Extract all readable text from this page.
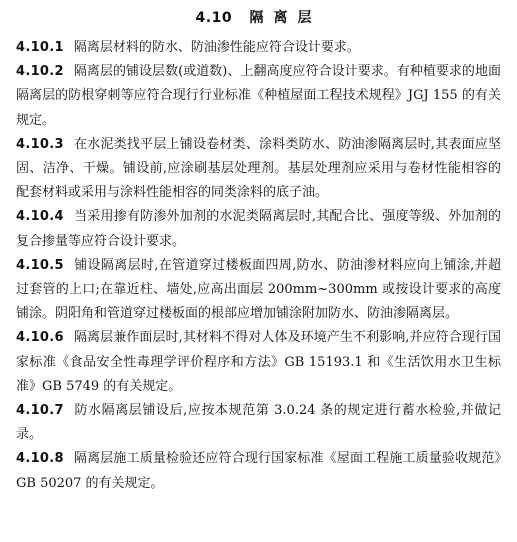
4.10 隔离层

4.10.1 隔离层材料的防水、防油渗性能应符合设计要求。

4.10.2 隔离层的铺设层数(或道数)、上翻高度应符合设计要求。有种植要求的地面隔离层的防根穿刺等应符合现行行业标准《种植屋面工程技术规程》JGJ 155 的有关规定。

4.10.3 在水泥类找平层上铺设卷材类、涂料类防水、防油渗隔离层时,其表面应坚固、洁净、干燥。铺设前,应涂刷基层处理剂。基层处理剂应采用与卷材性能相容的配套材料或采用与涂料性能相容的同类涂料的底子油。

4.10.4 当采用掺有防渗外加剂的水泥类隔离层时,其配合比、强度等级、外加剂的复合掺量等应符合设计要求。

4.10.5 铺设隔离层时,在管道穿过楼板面四周,防水、防油渗材料应向上铺涂,并超过套管的上口;在靠近柱、墙处,应高出面层 200mm~300mm 或按设计要求的高度铺涂。阴阳角和管道穿过楼板面的根部应增加铺涂附加防水、防油渗隔离层。

4.10.6 隔离层兼作面层时,其材料不得对人体及环境产生不利影响,并应符合现行国家标准《食品安全性毒理学评价程序和方法》GB 15193.1 和《生活饮用水卫生标准》GB 5749 的有关规定。

4.10.7 防水隔离层铺设后,应按本规范第 3.0.24 条的规定进行蓄水检验,并做记录。

4.10.8 隔离层施工质量检验还应符合现行国家标准《屋面工程施工质量验收规范》GB 50207 的有关规定。
